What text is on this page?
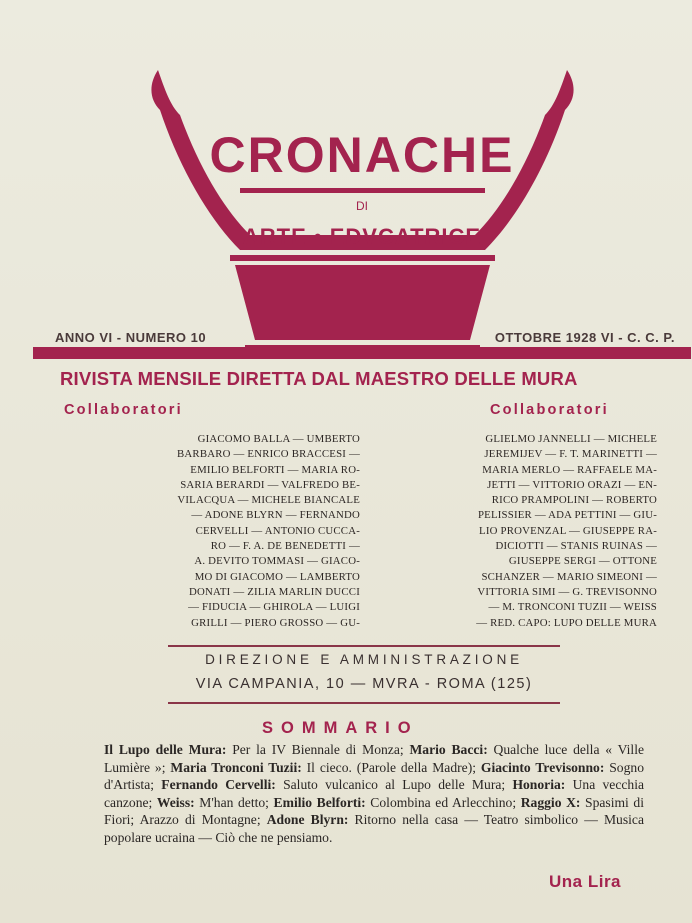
CRONACHE
DI
ARTE • EDVCATRICE
ANNO VI - NUMERO 10	OTTOBRE 1928 VI - C. C. P.
RIVISTA MENSILE DIRETTA DAL MAESTRO DELLE MURA
Collaboratori	Collaboratori
GIACOMO BALLA — UMBERTO
BARBARO — ENRICO BRACCESI —
EMILIO BELFORTI — MARIA RO-
SARIA BERARDI — VALFREDO BE-
VILACQUA — MICHELE BIANCALE
— ADONE BLYRN — FERNANDO
CERVELLI — ANTONIO CUCCA-
RO — F. A. DE BENEDETTI —
A. DEVITO TOMMASI — GIACO-
MO DI GIACOMO — LAMBERTO
DONATI — ZILIA MARLIN DUCCI
— FIDUCIA — GHIROLA — LUIGI
GRILLI — PIERO GROSSO — GU-
GLIELMO JANNELLI — MICHELE
JEREMIJEV — F. T. MARINETTI —
MARIA MERLO — RAFFAELE MA-
JETTI — VITTORIO ORAZI — EN-
RICO PRAMPOLINI — ROBERTO
PELISSIER — ADA PETTINI — GIU-
LIO PROVENZAL — GIUSEPPE RA-
DICIOTTI — STANIS RUINAS —
GIUSEPPE SERGI — OTTONE
SCHANZER — MARIO SIMEONI —
VITTORIA SIMI — G. TREVISONNO
— M. TRONCONI TUZII — WEISS
— RED. CAPO: LUPO DELLE MURA
DIREZIONE E AMMINISTRAZIONE
VIA CAMPANIA, 10 — MVRA - ROMA (125)
SOMMARIO
Il Lupo delle Mura: Per la IV Biennale di Monza; Mario Bacci: Qualche luce della « Ville Lumière »; Maria Tronconi Tuzii: Il cieco. (Parole della Madre); Giacinto Trevisonno: Sogno d'Artista; Fernando Cervelli: Saluto vulcanico al Lupo delle Mura; Honoria: Una vecchia canzone; Weiss: M'han detto; Emilio Belforti: Colombina ed Arlecchino; Raggio X: Spasimi di Fiori; Arazzo di Montagne; Adone Blyrn: Ritorno nella casa — Teatro simbolico — Musica popolare ucraina — Ciò che ne pensiamo.
Una Lira
